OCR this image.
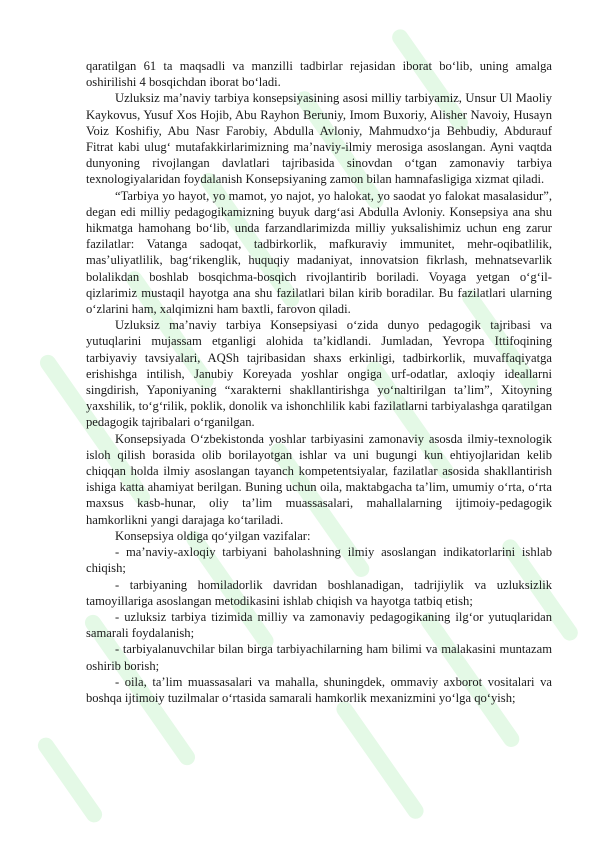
qaratilgan 61 ta maqsadli va manzilli tadbirlar rejasidan iborat bo‘lib, uning amalga oshirilishi 4 bosqichdan iborat bo‘ladi.

Uzluksiz ma’naviy tarbiya konsepsiyasining asosi milliy tarbiyamiz, Unsur Ul Maoliy Kaykovus, Yusuf Xos Hojib, Abu Rayhon Beruniy, Imom Buxoriy, Alisher Navoiy, Husayn Voiz Koshifiy, Abu Nasr Farobiy, Abdulla Avloniy, Mahmudxo‘ja Behbudiy, Abdurauf Fitrat kabi ulug‘ mutafakkirlarimizning ma’naviy-ilmiy merosiga asoslangan. Ayni vaqtda dunyoning rivojlangan davlatlari tajribasida sinovdan o‘tgan zamonaviy tarbiya texnologiyalaridan foydalanish Konsepsiyaning zamon bilan hamnafasligiga xizmat qiladi.

“Tarbiya yo hayot, yo mamot, yo najot, yo halokat, yo saodat yo falokat masalasidur”, degan edi milliy pedagogikamizning buyuk darg‘asi Abdulla Avloniy. Konsepsiya ana shu hikmatga hamohang bo‘lib, unda farzandlarimizda milliy yuksalishimiz uchun eng zarur fazilatlar: Vatanga sadoqat, tadbirkorlik, mafkuraviy immunitet, mehr-oqibatlilik, mas’uliyatlilik, bag‘rikenglik, huquqiy madaniyat, innovatsion fikrlash, mehnatsevarlik bolalikdan boshlab bosqichma-bosqich rivojlantirib boriladi. Voyaga yetgan o‘g‘il-qizlarimiz mustaqil hayotga ana shu fazilatlari bilan kirib boradilar. Bu fazilatlari ularning o‘zlarini ham, xalqimizni ham baxtli, farovon qiladi.

Uzluksiz ma’naviy tarbiya Konsepsiyasi o‘zida dunyo pedagogik tajribasi va yutuqlarini mujassam etganligi alohida ta’kidlandi. Jumladan, Yevropa Ittifoqining tarbiyaviy tavsiyalari, AQSh tajribasidan shaxs erkinligi, tadbirkorlik, muvaffaqiyatga erishishga intilish, Janubiy Koreyada yoshlar ongiga urf-odatlar, axloqiy ideallarni singdirish, Yaponiyaning “xarakterni shakllantirishga yo‘naltirilgan ta’lim”, Xitoyning yaxshilik, to‘g‘rilik, poklik, donolik va ishonchlilik kabi fazilatlarni tarbiyalashga qaratilgan pedagogik tajribalari o‘rganilgan.

Konsepsiyada O‘zbekistonda yoshlar tarbiyasini zamonaviy asosda ilmiy-texnologik isloh qilish borasida olib borilayotgan ishlar va uni bugungi kun ehtiyojlaridan kelib chiqqan holda ilmiy asoslangan tayanch kompetentsiyalar, fazilatlar asosida shakllantirish ishiga katta ahamiyat berilgan. Buning uchun oila, maktabgacha ta’lim, umumiy o‘rta, o‘rta maxsus kasb-hunar, oliy ta’lim muassasalari, mahallalarning ijtimoiy-pedagogik hamkorlikni yangi darajaga ko‘tariladi.

Konsepsiya oldiga qo‘yilgan vazifalar:

- ma’naviy-axloqiy tarbiyani baholashning ilmiy asoslangan indikatorlarini ishlab chiqish;

- tarbiyaning homiladorlik davridan boshlanadigan, tadrijiylik va uzluksizlik tamoyillariga asoslangan metodikasini ishlab chiqish va hayotga tatbiq etish;

- uzluksiz tarbiya tizimida milliy va zamonaviy pedagogikaning ilg‘or yutuqlaridan samarali foydalanish;

- tarbiyalanuvchilar bilan birga tarbiyachilarning ham bilimi va malakasini muntazam oshirib borish;

- oila, ta’lim muassasalari va mahalla, shuningdek, ommaviy axborot vositalari va boshqa ijtimoiy tuzilmalar o‘rtasida samarali hamkorlik mexanizmini yo‘lga qo‘yish;
